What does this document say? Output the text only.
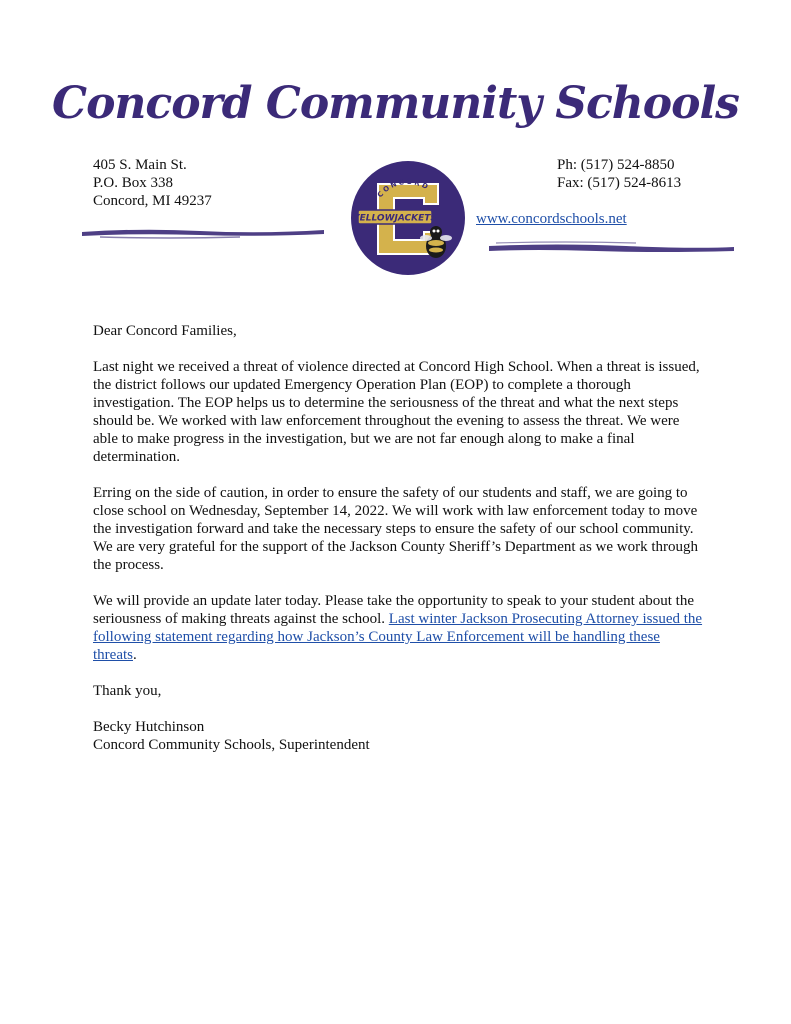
Concord Community Schools
405 S. Main St.
P.O. Box 338
Concord, MI 49237
Ph: (517) 524-8850
Fax: (517) 524-8613
www.concordschools.net
CONCORD
YELLOWJACKETS

Dear Concord Families,

Last night we received a threat of violence directed at Concord High School. When a threat is issued, the district follows our updated Emergency Operation Plan (EOP) to complete a thorough investigation. The EOP helps us to determine the seriousness of the threat and what the next steps should be. We worked with law enforcement throughout the evening to assess the threat. We were able to make progress in the investigation, but we are not far enough along to make a final determination.

Erring on the side of caution, in order to ensure the safety of our students and staff, we are going to close school on Wednesday, September 14, 2022. We will work with law enforcement today to move the investigation forward and take the necessary steps to ensure the safety of our school community. We are very grateful for the support of the Jackson County Sheriff’s Department as we work through the process.

We will provide an update later today. Please take the opportunity to speak to your student about the seriousness of making threats against the school. Last winter Jackson Prosecuting Attorney issued the following statement regarding how Jackson’s County Law Enforcement will be handling these threats.

Thank you,

Becky Hutchinson

Concord Community Schools, Superintendent
